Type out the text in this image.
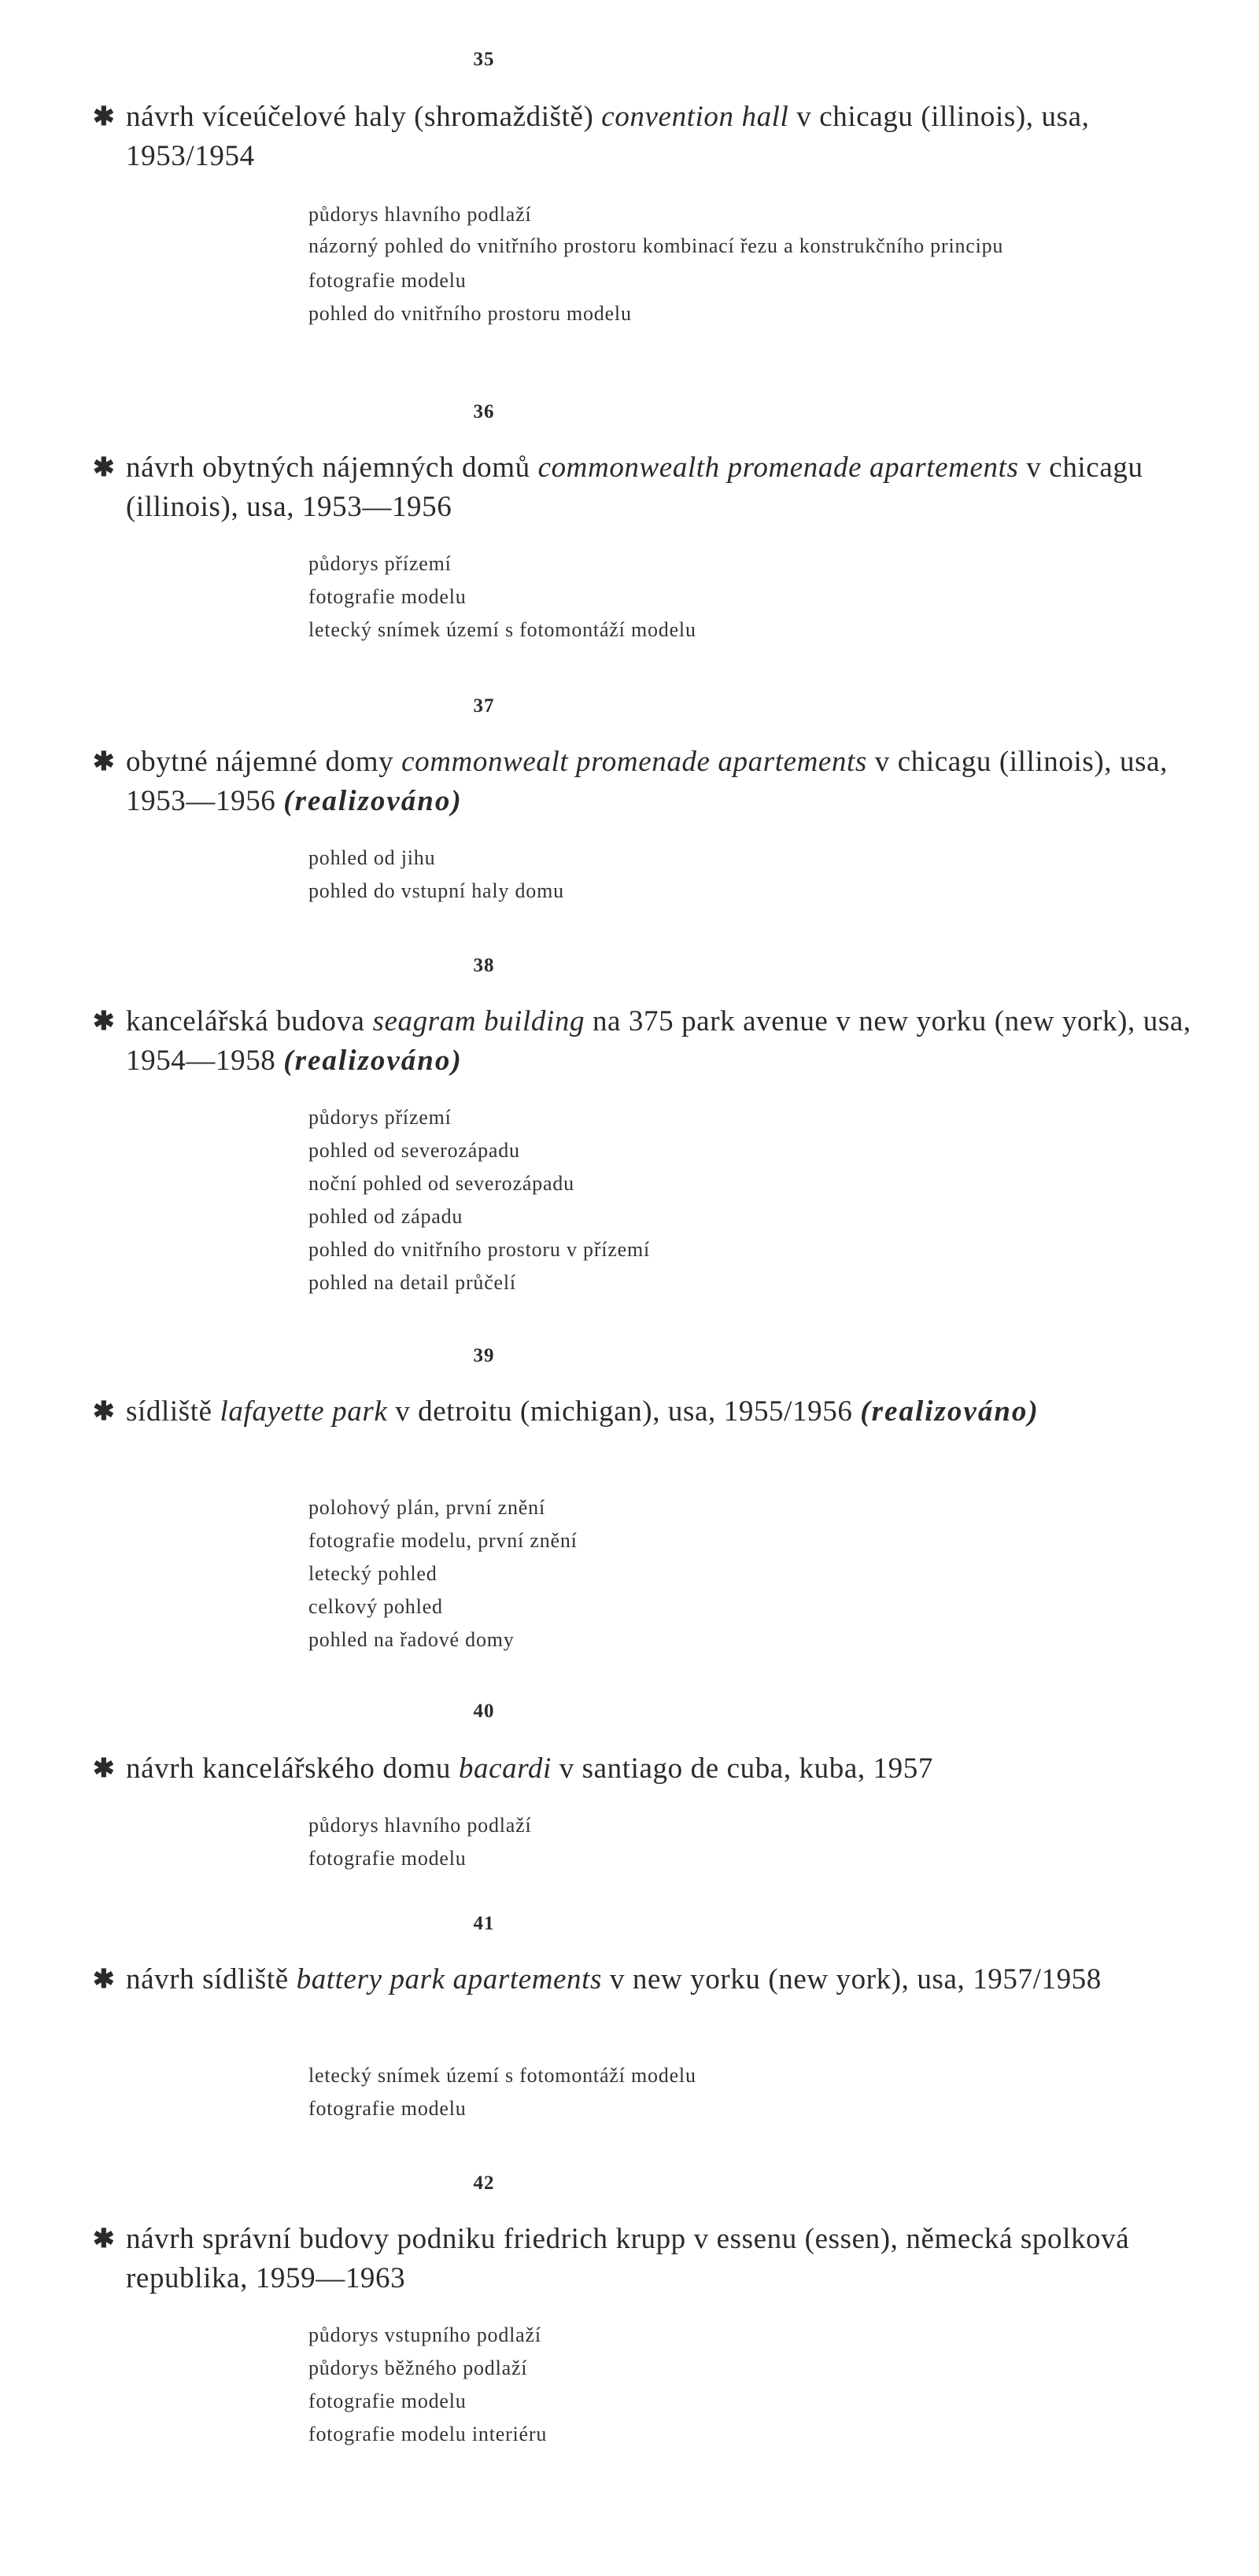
35
✱ návrh víceúčelové haly (shromaždiště) convention hall v chicagu (illinois), usa, 1953/1954
půdorys hlavního podlaží
názorný pohled do vnitřního prostoru kombinací řezu a konstrukčního principu
fotografie modelu
pohled do vnitřního prostoru modelu
36
✱ návrh obytných nájemných domů commonwealth promenade apartements v chicagu (illinois), usa, 1953—1956
půdorys přízemí
fotografie modelu
letecký snímek území s fotomontáží modelu
37
✱ obytné nájemné domy commonwealt promenade apartements v chicagu (illinois), usa, 1953—1956 (realizováno)
pohled od jihu
pohled do vstupní haly domu
38
✱ kancelářská budova seagram building na 375 park avenue v new yorku (new york), usa, 1954—1958 (realizováno)
půdorys přízemí
pohled od severozápadu
noční pohled od severozápadu
pohled od západu
pohled do vnitřního prostoru v přízemí
pohled na detail průčelí
39
✱ sídliště lafayette park v detroitu (michigan), usa, 1955/1956 (realizováno)
polohový plán, první znění
fotografie modelu, první znění
letecký pohled
celkový pohled
pohled na řadové domy
40
✱ návrh kancelářského domu bacardi v santiago de cuba, kuba, 1957
půdorys hlavního podlaží
fotografie modelu
41
✱ návrh sídliště battery park apartements v new yorku (new york), usa, 1957/1958
letecký snímek území s fotomontáží modelu
fotografie modelu
42
✱ návrh správní budovy podniku friedrich krupp v essenu (essen), německá spolková republika, 1959—1963
půdorys vstupního podlaží
půdorys běžného podlaží
fotografie modelu
fotografie modelu interiéru
